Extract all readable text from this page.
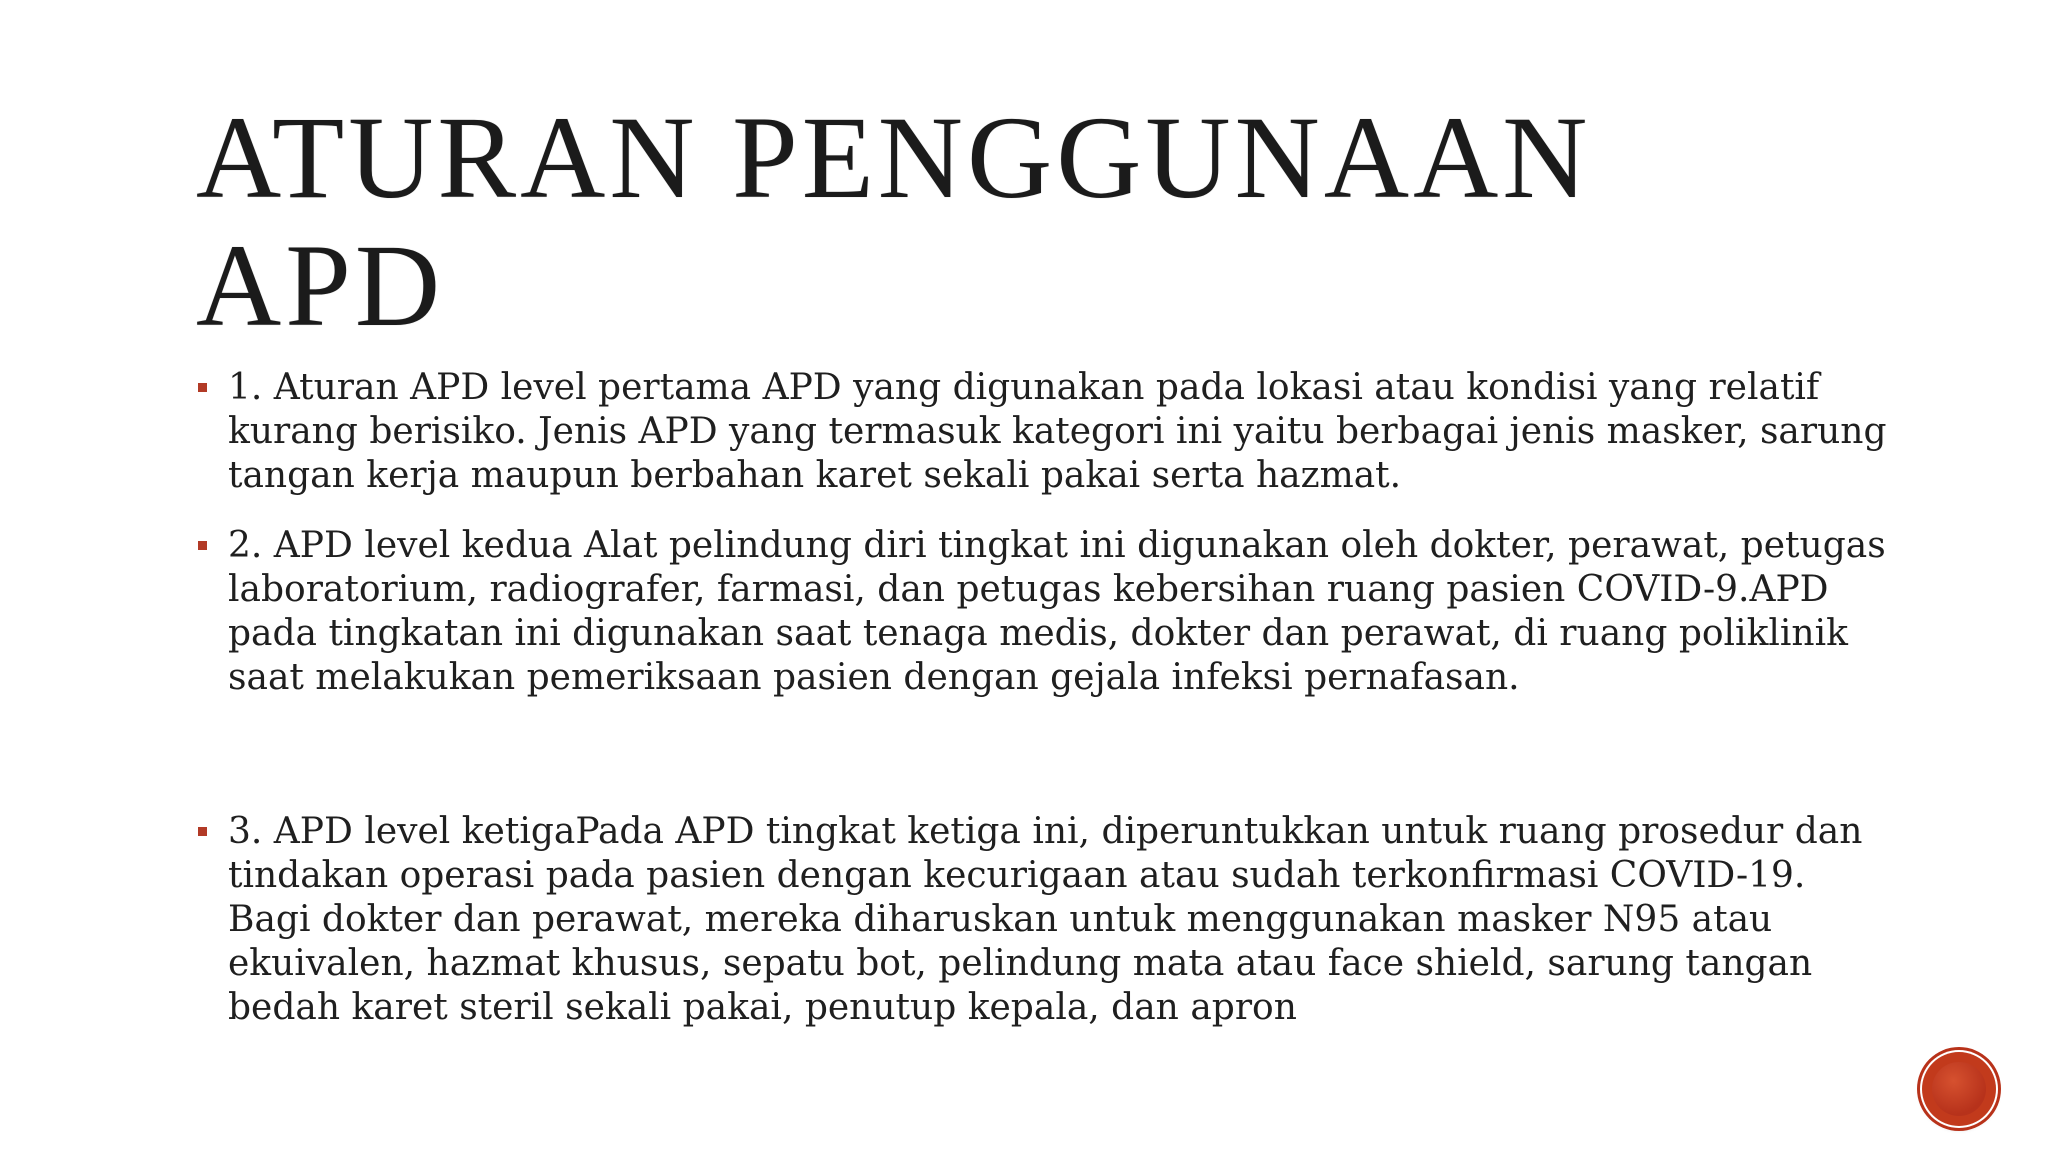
ATURAN PENGGUNAAN
APD
1. Aturan APD level pertama APD yang digunakan pada lokasi atau kondisi yang relatif kurang berisiko. Jenis APD yang termasuk kategori ini yaitu berbagai jenis masker, sarung tangan kerja maupun berbahan karet sekali pakai serta hazmat.
2. APD level kedua Alat pelindung diri tingkat ini digunakan oleh dokter, perawat, petugas laboratorium, radiografer, farmasi, dan petugas kebersihan ruang pasien COVID-9.APD pada tingkatan ini digunakan saat tenaga medis, dokter dan perawat, di ruang poliklinik saat melakukan pemeriksaan pasien dengan gejala infeksi pernafasan.
3. APD level ketigaPada APD tingkat ketiga ini, diperuntukkan untuk ruang prosedur dan tindakan operasi pada pasien dengan kecurigaan atau sudah terkonfirmasi COVID-19. Bagi dokter dan perawat, mereka diharuskan untuk menggunakan masker N95 atau ekuivalen, hazmat khusus, sepatu bot, pelindung mata atau face shield, sarung tangan bedah karet steril sekali pakai, penutup kepala, dan apron
